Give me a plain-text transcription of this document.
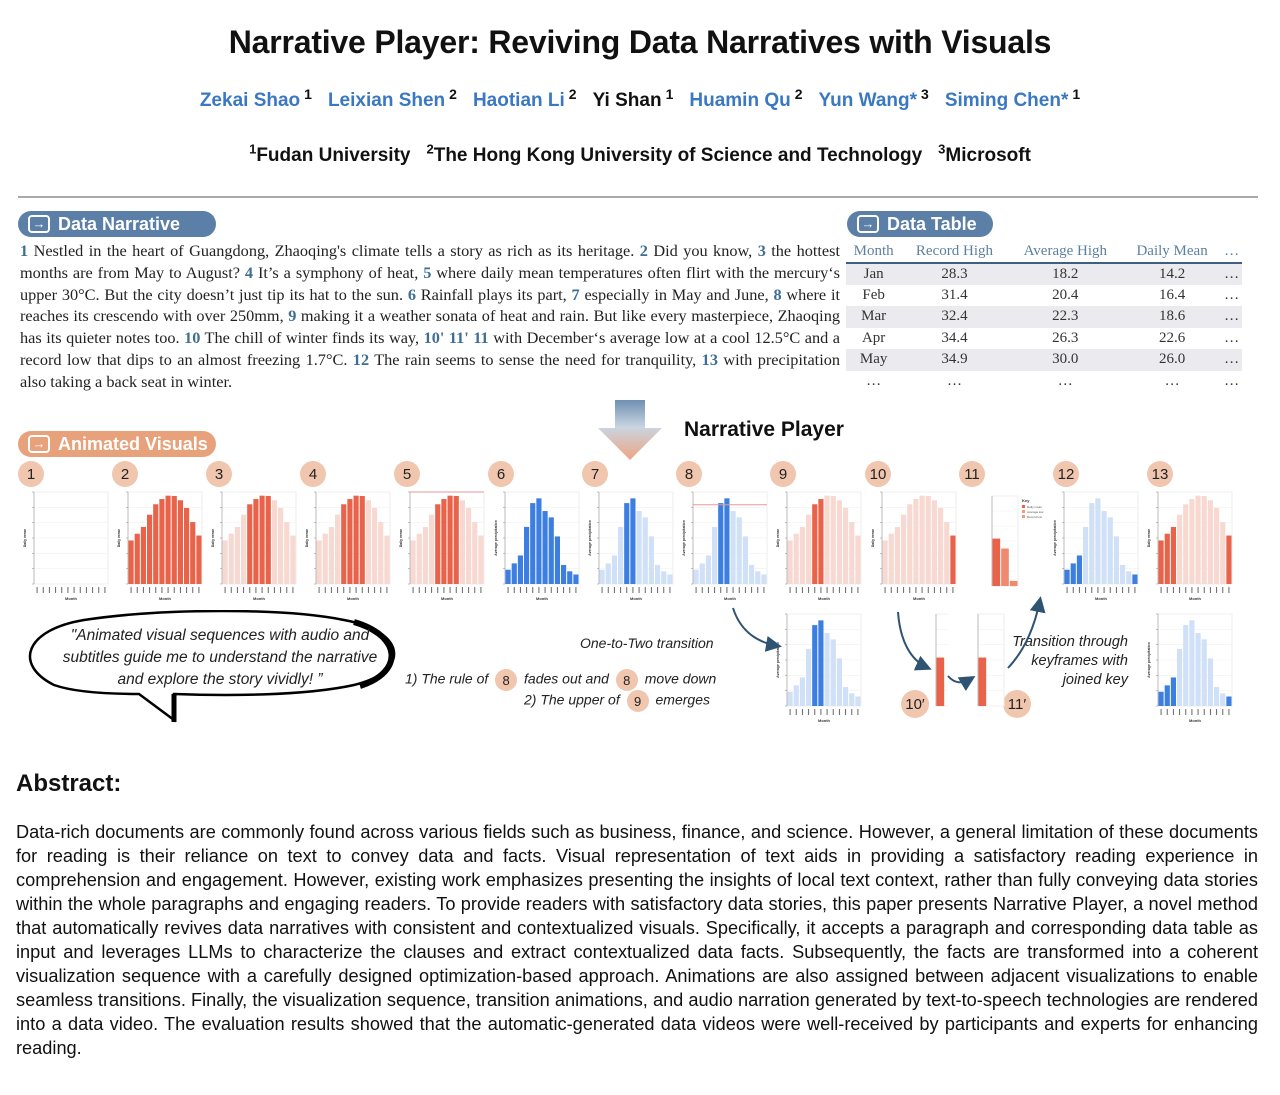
Narrative Player: Reviving Data Narratives with Visuals
Zekai Shao $^1$ Leixian Shen $^2$ Haotian Li $^2$ Yi Shan $^1$ Huamin Qu $^2$ Yun Wang* $^3$ Siming Chen* $^1$
$^1$Fudan University $^2$The Hong Kong University of Science and Technology $^3$Microsoft
→ Data Narrative
1 Nestled in the heart of Guangdong, Zhaoqing's climate tells a story as rich as its heritage. 2 Did you know, 3 the hottest months are from May to August? 4 It’s a symphony of heat, 5 where daily mean temperatures often flirt with the mercury‘s upper 30°C. But the city doesn’t just tip its hat to the sun. 6 Rainfall plays its part, 7 especially in May and June, 8 where it reaches its crescendo with over 250mm, 9 making it a weather sonata of heat and rain. But like every masterpiece, Zhaoqing has its quieter notes too. 10 The chill of winter finds its way, 10' 11' 11 with December‘s average low at a cool 12.5°C and a record low that dips to an almost freezing 1.7°C. 12 The rain seems to sense the need for tranquility, 13 with precipitation also taking a back seat in winter.
→ Data Table
Month	Record High	Average High	Daily Mean	…
Jan	28.3	18.2	14.2	…
Feb	31.4	20.4	16.4	…
Mar	32.4	22.3	18.6	…
Apr	34.4	26.3	22.6	…
May	34.9	30.0	26.0	…
…	…	…	…	…
Narrative Player
→ Animated Visuals
1	2	3	4	5	6	7	8	9	10	11	12	13
10′	11′
Month
Daily mean
Month
Daily mean
Month
Daily mean
Month
Daily mean
Month
Daily mean
Month
Average precipitation
Month
Average precipitation
Month
Average precipitation
Month
Daily mean
Month
Daily mean
Month
Average precipitation
Month
Daily mean
Month
Average precipitation
Month
Average precipitation
Key
Daily mean
Average low
Record low
"Animated visual sequences with audio and subtitles guide me to understand the narrative and explore the story vividly! ”
One-to-Two transition
1) The rule of 8 fades out and 8 move down
2) The upper of 9 emerges
Transition through keyframes with joined key
Abstract:
Data-rich documents are commonly found across various fields such as business, finance, and science. However, a general limitation of these documents for reading is their reliance on text to convey data and facts. Visual representation of text aids in providing a satisfactory reading experience in comprehension and engagement. However, existing work emphasizes presenting the insights of local text context, rather than fully conveying data stories within the whole paragraphs and engaging readers. To provide readers with satisfactory data stories, this paper presents Narrative Player, a novel method that automatically revives data narratives with consistent and contextualized visuals. Specifically, it accepts a paragraph and corresponding data table as input and leverages LLMs to characterize the clauses and extract contextualized data facts. Subsequently, the facts are transformed into a coherent visualization sequence with a carefully designed optimization-based approach. Animations are also assigned between adjacent visualizations to enable seamless transitions. Finally, the visualization sequence, transition animations, and audio narration generated by text-to-speech technologies are rendered into a data video. The evaluation results showed that the automatic-generated data videos were well-received by participants and experts for enhancing reading.
